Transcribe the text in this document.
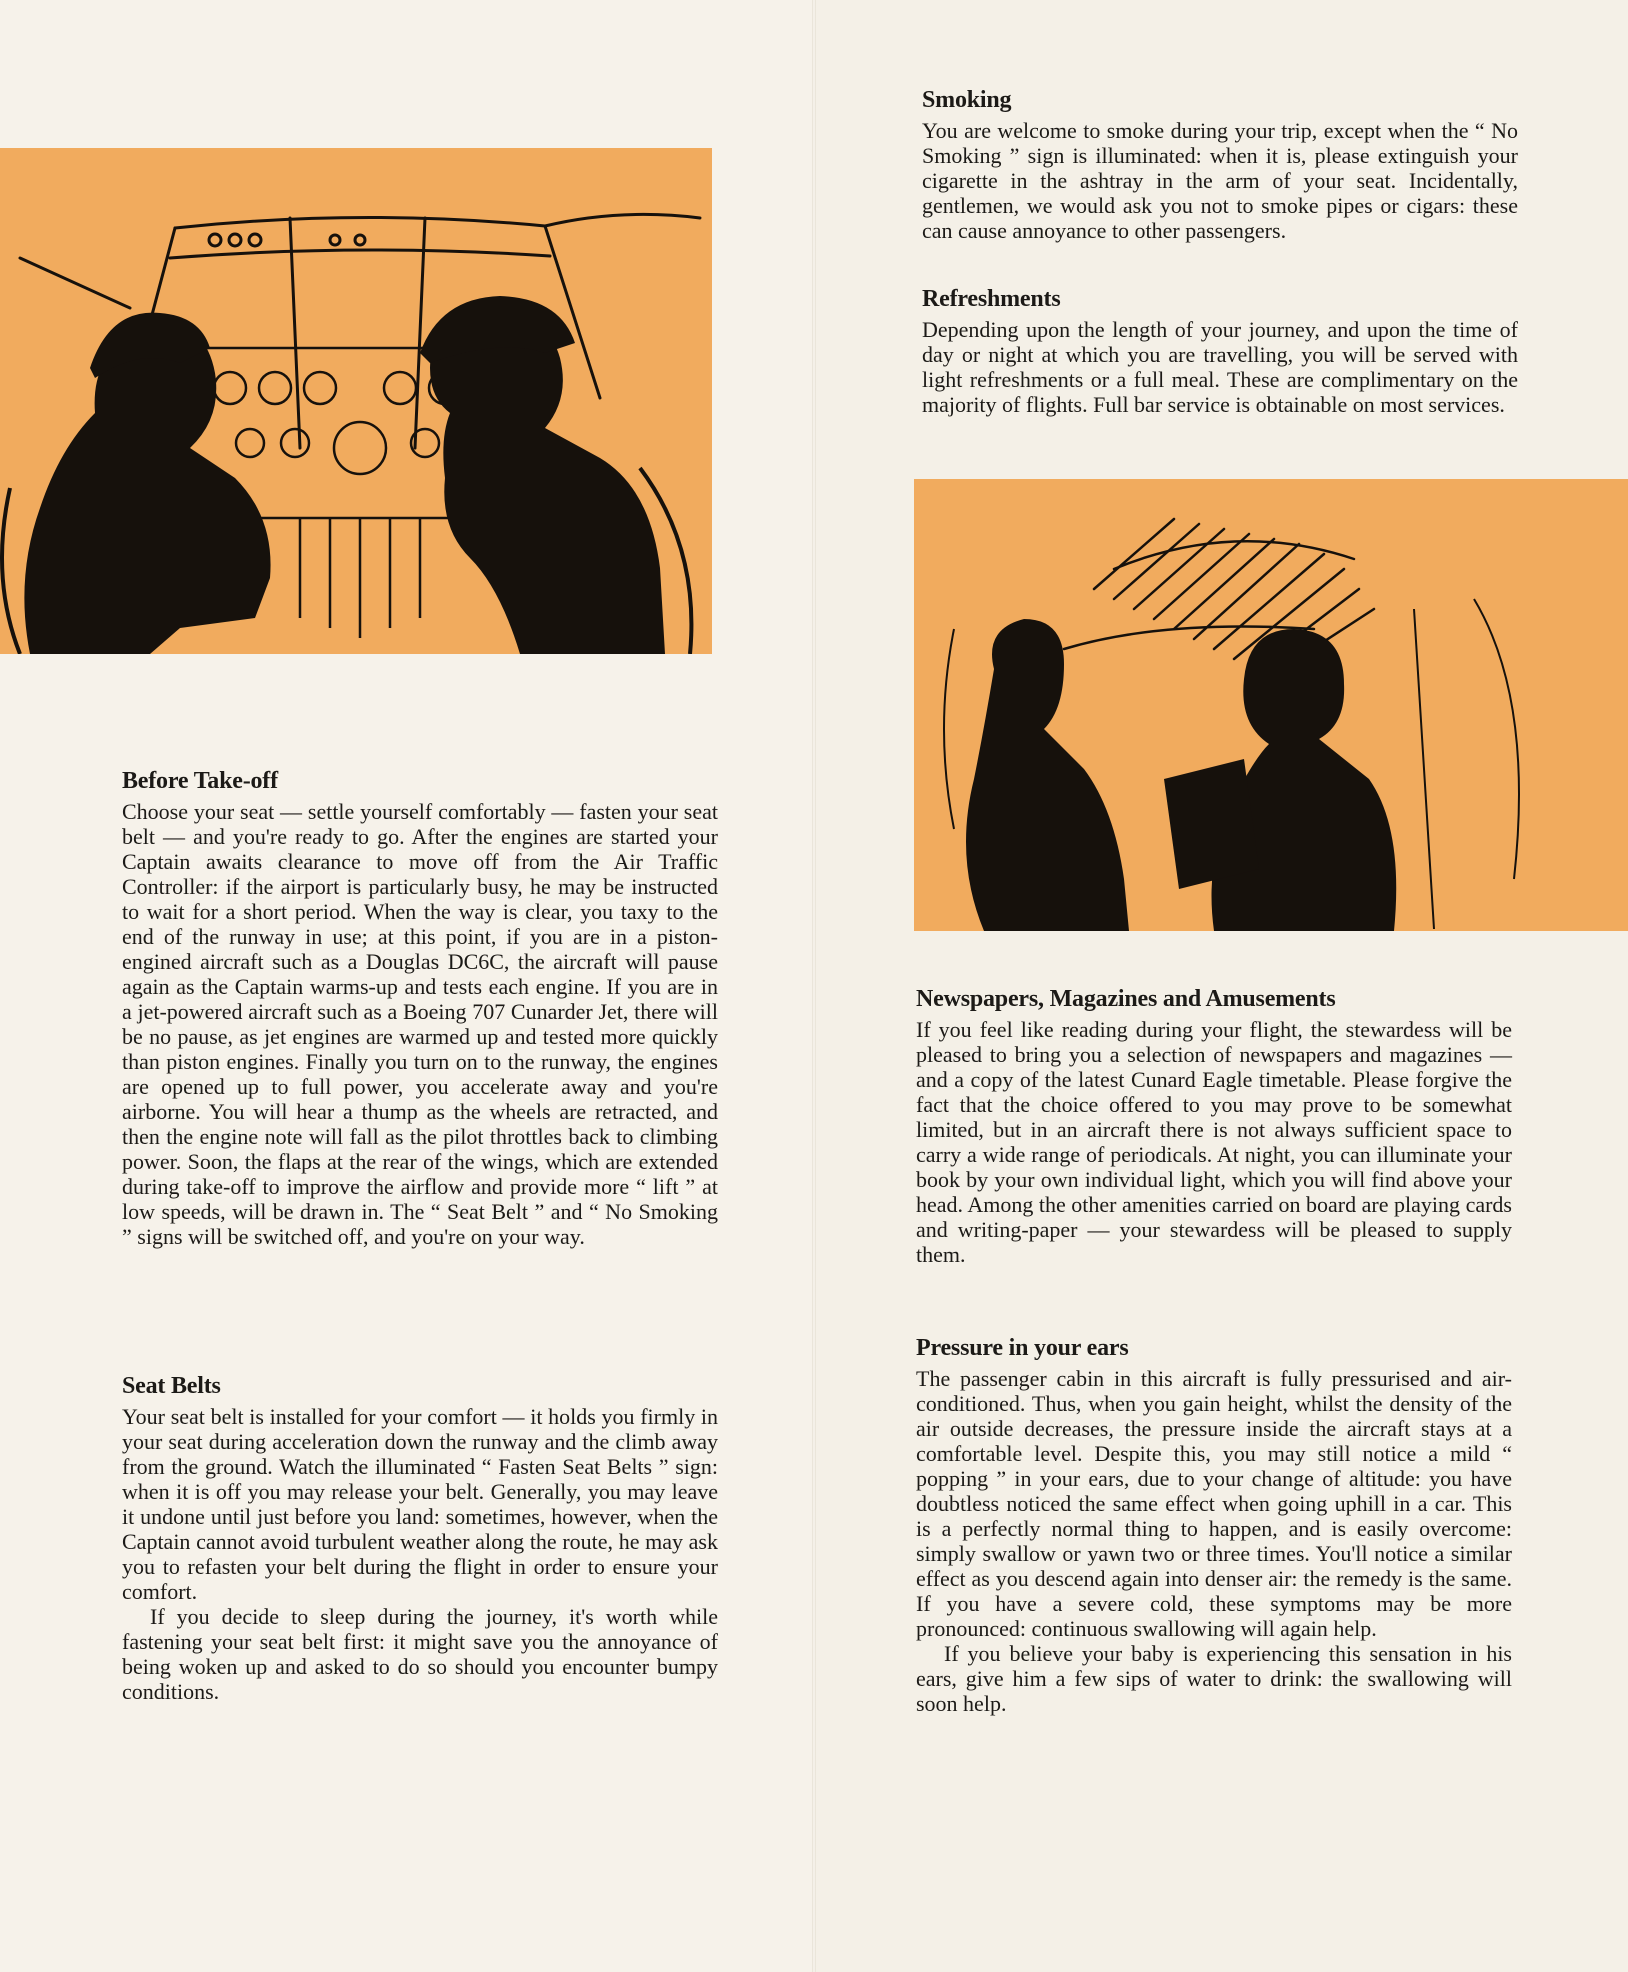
Before Take-off

Choose your seat — settle yourself comfortably — fasten your seat belt — and you're ready to go. After the engines are started your Captain awaits clearance to move off from the Air Traffic Controller: if the airport is particularly busy, he may be instructed to wait for a short period. When the way is clear, you taxy to the end of the runway in use; at this point, if you are in a piston-engined aircraft such as a Douglas DC6C, the aircraft will pause again as the Captain warms-up and tests each engine. If you are in a jet-powered aircraft such as a Boeing 707 Cunarder Jet, there will be no pause, as jet engines are warmed up and tested more quickly than piston engines. Finally you turn on to the runway, the engines are opened up to full power, you accelerate away and you're airborne. You will hear a thump as the wheels are retracted, and then the engine note will fall as the pilot throttles back to climbing power. Soon, the flaps at the rear of the wings, which are extended during take-off to improve the airflow and provide more “ lift ” at low speeds, will be drawn in. The “ Seat Belt ” and “ No Smoking ” signs will be switched off, and you're on your way.

Seat Belts

Your seat belt is installed for your comfort — it holds you firmly in your seat during acceleration down the runway and the climb away from the ground. Watch the illuminated “ Fasten Seat Belts ” sign: when it is off you may release your belt. Generally, you may leave it undone until just before you land: sometimes, however, when the Captain cannot avoid turbulent weather along the route, he may ask you to refasten your belt during the flight in order to ensure your comfort.

If you decide to sleep during the journey, it's worth while fastening your seat belt first: it might save you the annoyance of being woken up and asked to do so should you encounter bumpy conditions.

Smoking

You are welcome to smoke during your trip, except when the “ No Smoking ” sign is illuminated: when it is, please extinguish your cigarette in the ashtray in the arm of your seat. Incidentally, gentlemen, we would ask you not to smoke pipes or cigars: these can cause annoyance to other passengers.

Refreshments

Depending upon the length of your journey, and upon the time of day or night at which you are travelling, you will be served with light refreshments or a full meal. These are complimentary on the majority of flights. Full bar service is obtainable on most services.

Newspapers, Magazines and Amusements

If you feel like reading during your flight, the stewardess will be pleased to bring you a selection of newspapers and magazines — and a copy of the latest Cunard Eagle timetable. Please forgive the fact that the choice offered to you may prove to be somewhat limited, but in an aircraft there is not always sufficient space to carry a wide range of periodicals. At night, you can illuminate your book by your own individual light, which you will find above your head. Among the other amenities carried on board are playing cards and writing-paper — your stewardess will be pleased to supply them.

Pressure in your ears

The passenger cabin in this aircraft is fully pressurised and air-conditioned. Thus, when you gain height, whilst the density of the air outside decreases, the pressure inside the aircraft stays at a comfortable level. Despite this, you may still notice a mild “ popping ” in your ears, due to your change of altitude: you have doubtless noticed the same effect when going uphill in a car. This is a perfectly normal thing to happen, and is easily overcome: simply swallow or yawn two or three times. You'll notice a similar effect as you descend again into denser air: the remedy is the same. If you have a severe cold, these symptoms may be more pronounced: continuous swallowing will again help.

If you believe your baby is experiencing this sensation in his ears, give him a few sips of water to drink: the swallowing will soon help.
